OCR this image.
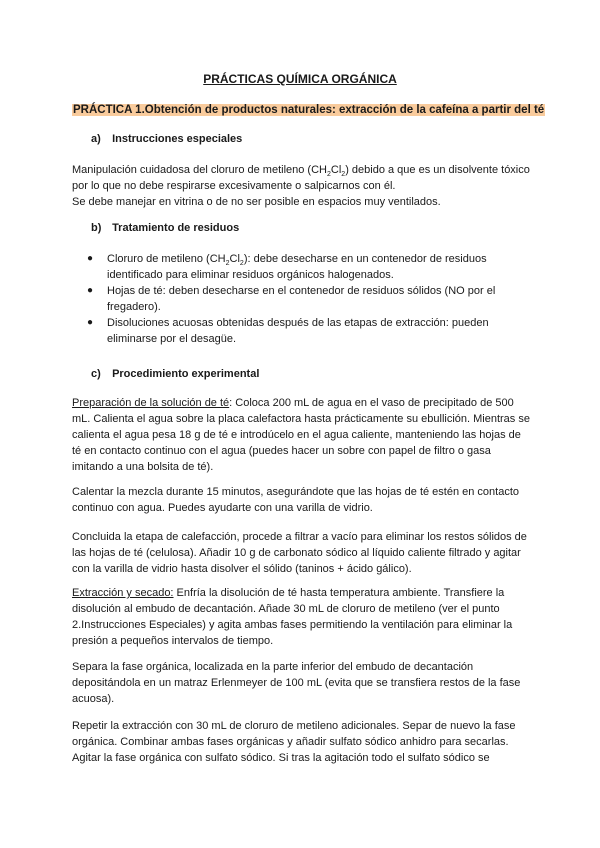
PRÁCTICAS QUÍMICA ORGÁNICA
PRÁCTICA 1.Obtención de productos naturales: extracción de la cafeína a partir del té
a) Instrucciones especiales

Manipulación cuidadosa del cloruro de metileno $(CH_2Cl_2)$ debido a que es un disolvente tóxico por lo que no debe respirarse excesivamente o salpicarnos con él.

Se debe manejar en vitrina o de no ser posible en espacios muy ventilados.

b) Tratamiento de residuos
● Cloruro de metileno $(CH_2Cl_2)$: debe desecharse en un contenedor de residuos identificado para eliminar residuos orgánicos halogenados.
● Hojas de té: deben desecharse en el contenedor de residuos sólidos (NO por el fregadero).
● Disoluciones acuosas obtenidas después de las etapas de extracción: pueden eliminarse por el desagüe.
c) Procedimiento experimental

Preparación de la solución de té: Coloca 200 mL de agua en el vaso de precipitado de 500 mL. Calienta el agua sobre la placa calefactora hasta prácticamente su ebullición. Mientras se calienta el agua pesa 18 g de té e introdúcelo en el agua caliente, manteniendo las hojas de té en contacto continuo con el agua (puedes hacer un sobre con papel de filtro o gasa imitando a una bolsita de té).

Calentar la mezcla durante 15 minutos, asegurándote que las hojas de té estén en contacto continuo con agua. Puedes ayudarte con una varilla de vidrio.

Concluida la etapa de calefacción, procede a filtrar a vacío para eliminar los restos sólidos de las hojas de té (celulosa). Añadir 10 g de carbonato sódico al líquido caliente filtrado y agitar con la varilla de vidrio hasta disolver el sólido (taninos + ácido gálico).

Extracción y secado: Enfría la disolución de té hasta temperatura ambiente. Transfiere la disolución al embudo de decantación. Añade 30 mL de cloruro de metileno (ver el punto 2.Instrucciones Especiales) y agita ambas fases permitiendo la ventilación para eliminar la presión a pequeños intervalos de tiempo.

Separa la fase orgánica, localizada en la parte inferior del embudo de decantación depositándola en un matraz Erlenmeyer de 100 mL (evita que se transfiera restos de la fase acuosa).

Repetir la extracción con 30 mL de cloruro de metileno adicionales. Separ de nuevo la fase orgánica. Combinar ambas fases orgánicas y añadir sulfato sódico anhidro para secarlas. Agitar la fase orgánica con sulfato sódico. Si tras la agitación todo el sulfato sódico se
